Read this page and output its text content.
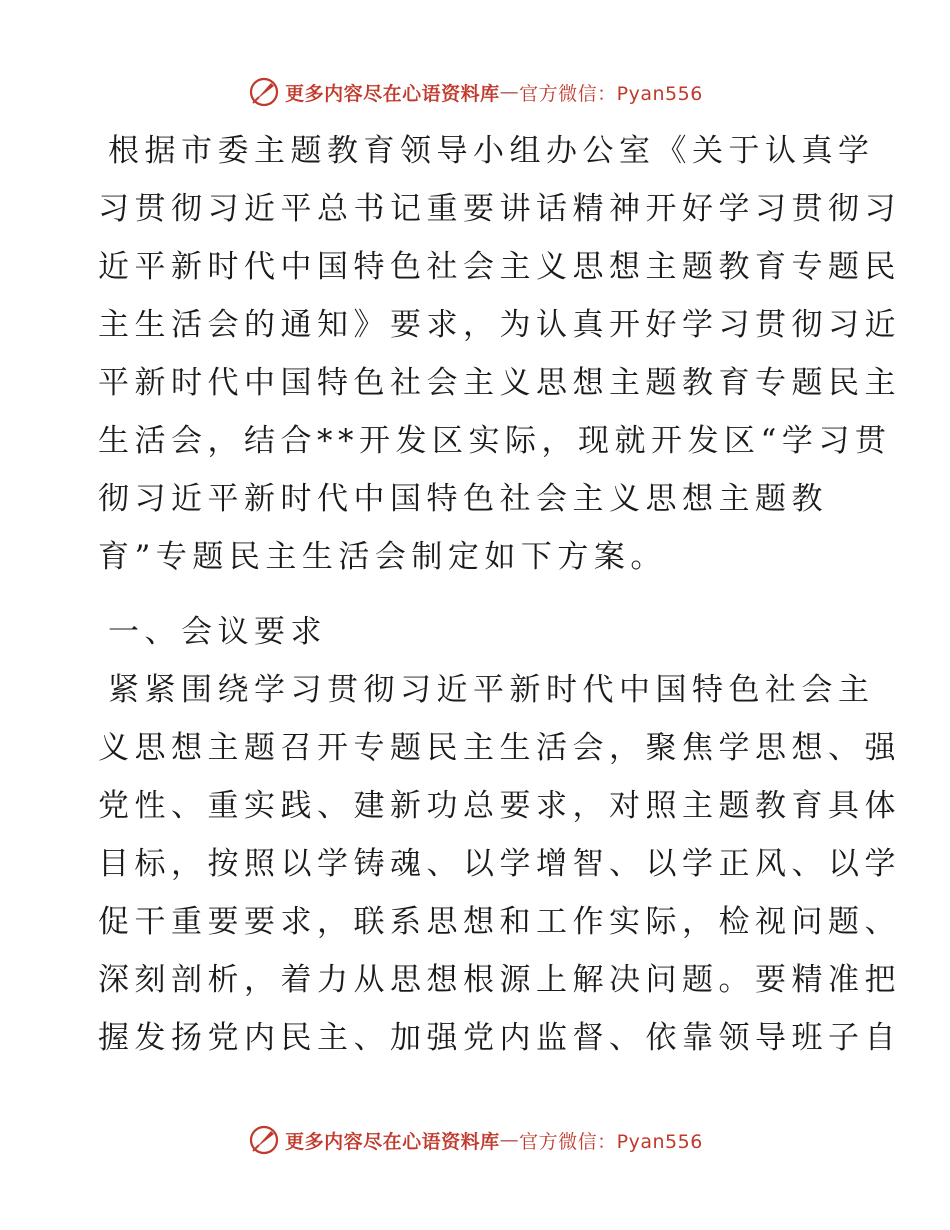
更多内容尽在心语资料库 — 官方微信：Pyan556
根据市委主题教育领导小组办公室《关于认真学
习贯彻习近平总书记重要讲话精神开好学习贯彻习
近平新时代中国特色社会主义思想主题教育专题民
主生活会的通知》要求，为认真开好学习贯彻习近
平新时代中国特色社会主义思想主题教育专题民主
生活会，结合**开发区实际，现就开发区“学习贯
彻习近平新时代中国特色社会主义思想主题教
育”专题民主生活会制定如下方案。
一、会议要求
紧紧围绕学习贯彻习近平新时代中国特色社会主
义思想主题召开专题民主生活会，聚焦学思想、强
党性、重实践、建新功总要求，对照主题教育具体
目标，按照以学铸魂、以学增智、以学正风、以学
促干重要要求，联系思想和工作实际，检视问题、
深刻剖析，着力从思想根源上解决问题。要精准把
握发扬党内民主、加强党内监督、依靠领导班子自
更多内容尽在心语资料库 — 官方微信：Pyan556
